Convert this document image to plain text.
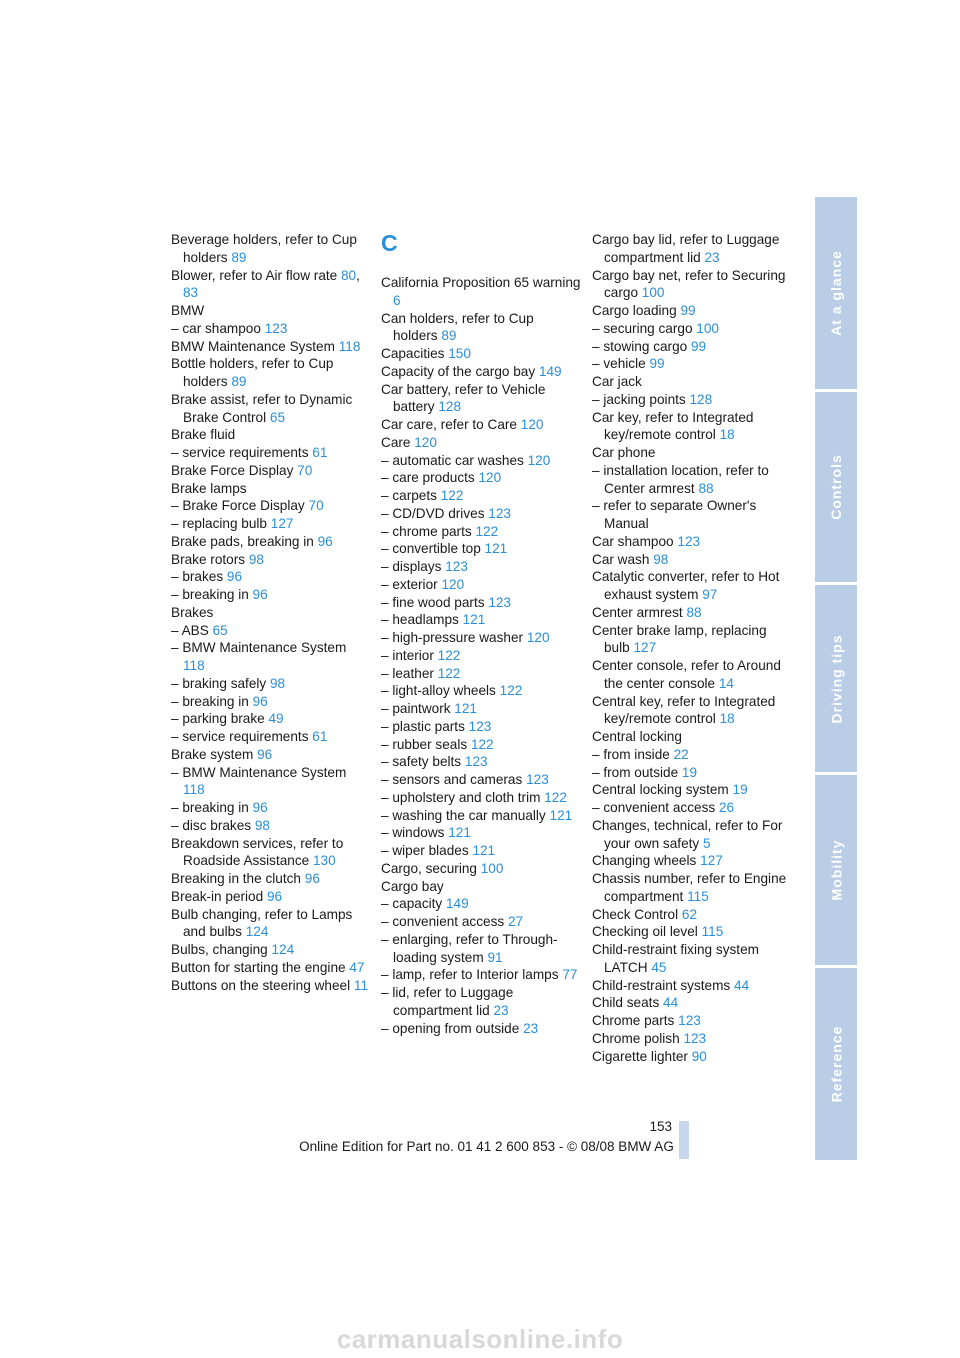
Beverage holders, refer to Cup holders 89
Blower, refer to Air flow rate 80, 83
BMW
– car shampoo 123
BMW Maintenance System 118
Bottle holders, refer to Cup holders 89
Brake assist, refer to Dynamic Brake Control 65
Brake fluid
– service requirements 61
Brake Force Display 70
Brake lamps
– Brake Force Display 70
– replacing bulb 127
Brake pads, breaking in 96
Brake rotors 98
– brakes 96
– breaking in 96
Brakes
– ABS 65
– BMW Maintenance System 118
– braking safely 98
– breaking in 96
– parking brake 49
– service requirements 61
Brake system 96
– BMW Maintenance System 118
– breaking in 96
– disc brakes 98
Breakdown services, refer to Roadside Assistance 130
Breaking in the clutch 96
Break-in period 96
Bulb changing, refer to Lamps and bulbs 124
Bulbs, changing 124
Button for starting the engine 47
Buttons on the steering wheel 11
C
California Proposition 65 warning 6
Can holders, refer to Cup holders 89
Capacities 150
Capacity of the cargo bay 149
Car battery, refer to Vehicle battery 128
Car care, refer to Care 120
Care 120
– automatic car washes 120
– care products 120
– carpets 122
– CD/DVD drives 123
– chrome parts 122
– convertible top 121
– displays 123
– exterior 120
– fine wood parts 123
– headlamps 121
– high-pressure washer 120
– interior 122
– leather 122
– light-alloy wheels 122
– paintwork 121
– plastic parts 123
– rubber seals 122
– safety belts 123
– sensors and cameras 123
– upholstery and cloth trim 122
– washing the car manually 121
– windows 121
– wiper blades 121
Cargo, securing 100
Cargo bay
– capacity 149
– convenient access 27
– enlarging, refer to Through-loading system 91
– lamp, refer to Interior lamps 77
– lid, refer to Luggage compartment lid 23
– opening from outside 23
Cargo bay lid, refer to Luggage compartment lid 23
Cargo bay net, refer to Securing cargo 100
Cargo loading 99
– securing cargo 100
– stowing cargo 99
– vehicle 99
Car jack
– jacking points 128
Car key, refer to Integrated key/remote control 18
Car phone
– installation location, refer to Center armrest 88
– refer to separate Owner's Manual
Car shampoo 123
Car wash 98
Catalytic converter, refer to Hot exhaust system 97
Center armrest 88
Center brake lamp, replacing bulb 127
Center console, refer to Around the center console 14
Central key, refer to Integrated key/remote control 18
Central locking
– from inside 22
– from outside 19
Central locking system 19
– convenient access 26
Changes, technical, refer to For your own safety 5
Changing wheels 127
Chassis number, refer to Engine compartment 115
Check Control 62
Checking oil level 115
Child-restraint fixing system LATCH 45
Child-restraint systems 44
Child seats 44
Chrome parts 123
Chrome polish 123
Cigarette lighter 90
At a glance
Controls
Driving tips
Mobility
Reference
153
Online Edition for Part no. 01 41 2 600 853 - © 08/08 BMW AG
carmanualsonline.info
